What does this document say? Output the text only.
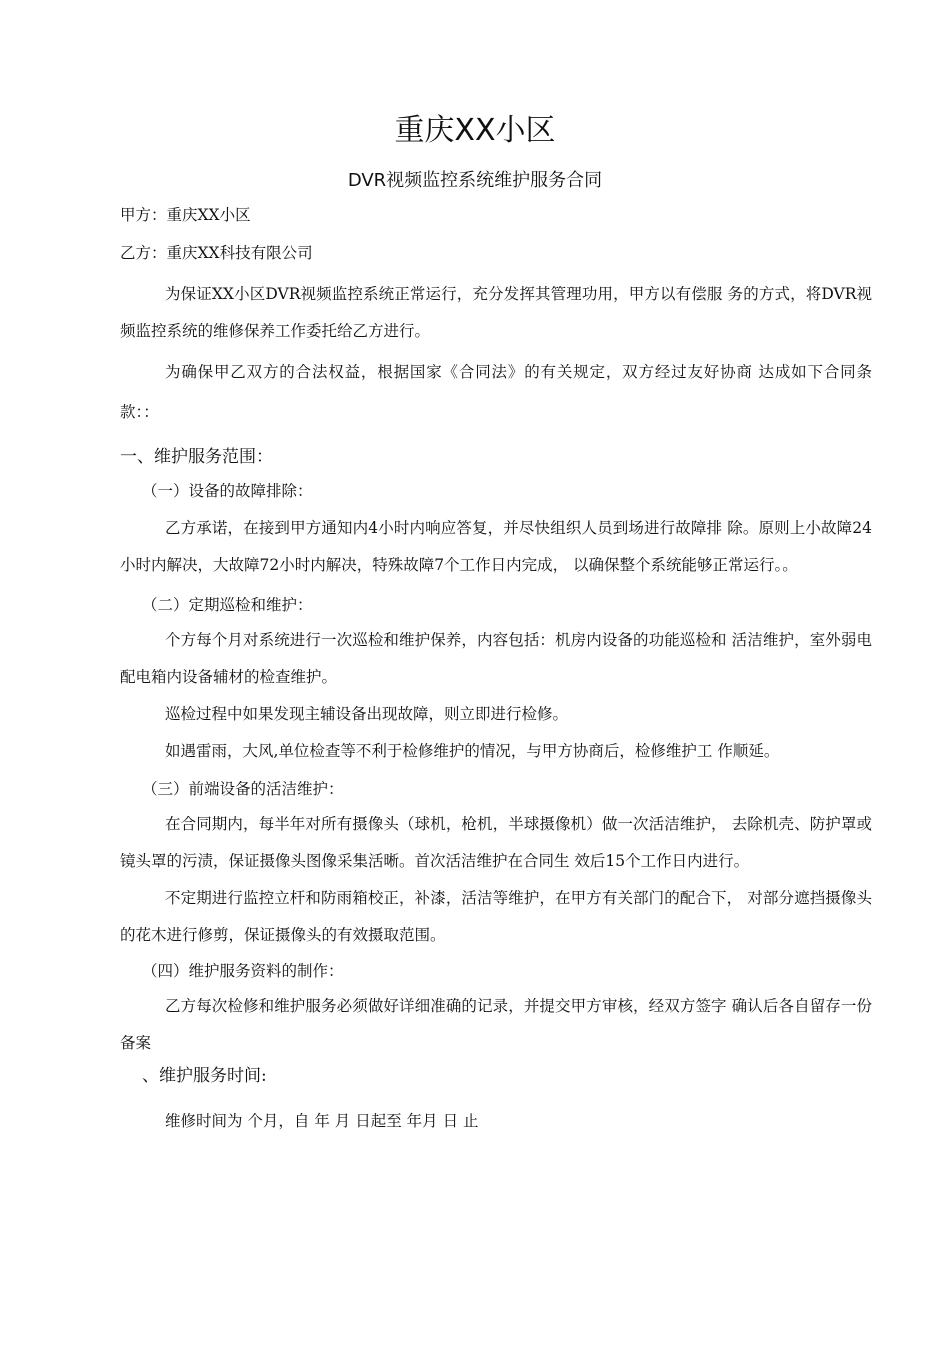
重庆XX小区
DVR视频监控系统维护服务合同

甲方：重庆XX小区

乙方：重庆XX科技有限公司

为保证XX小区DVR视频监控系统正常运行，充分发挥其管理功用，甲方以有偿服 务的方式，将DVR视频监控系统的维修保养工作委托给乙方进行。

为确保甲乙双方的合法权益，根据国家《合同法》的有关规定，双方经过友好协商 达成如下合同条款：：

一、维护服务范围：

（一）设备的故障排除：

乙方承诺，在接到甲方通知内4小时内响应答复，并尽快组织人员到场进行故障排 除。原则上小故障24小时内解决，大故障72小时内解决，特殊故障7个工作日内完成， 以确保整个系统能够正常运行。。

（二）定期巡检和维护：

个方每个月对系统进行一次巡检和维护保养，内容包括：机房内设备的功能巡检和 活洁维护，室外弱电配电箱内设备辅材的检查维护。

巡检过程中如果发现主辅设备出现故障，则立即进行检修。

如遇雷雨，大风,单位检查等不利于检修维护的情况，与甲方协商后，检修维护工 作顺延。

（三）前端设备的活洁维护：

在合同期内，每半年对所有摄像头（球机，枪机，半球摄像机）做一次活洁维护， 去除机壳、防护罩或镜头罩的污渍，保证摄像头图像采集活晰。首次活洁维护在合同生 效后15个工作日内进行。

不定期进行监控立杆和防雨箱校正，补漆，活洁等维护，在甲方有关部门的配合下， 对部分遮挡摄像头的花木进行修剪，保证摄像头的有效摄取范围。

（四）维护服务资料的制作：

乙方每次检修和维护服务必须做好详细准确的记录，并提交甲方审核，经双方签字 确认后各自留存一份备案

、维护服务时间:

维修时间为 个月，自 年 月 日起至 年月 日 止
